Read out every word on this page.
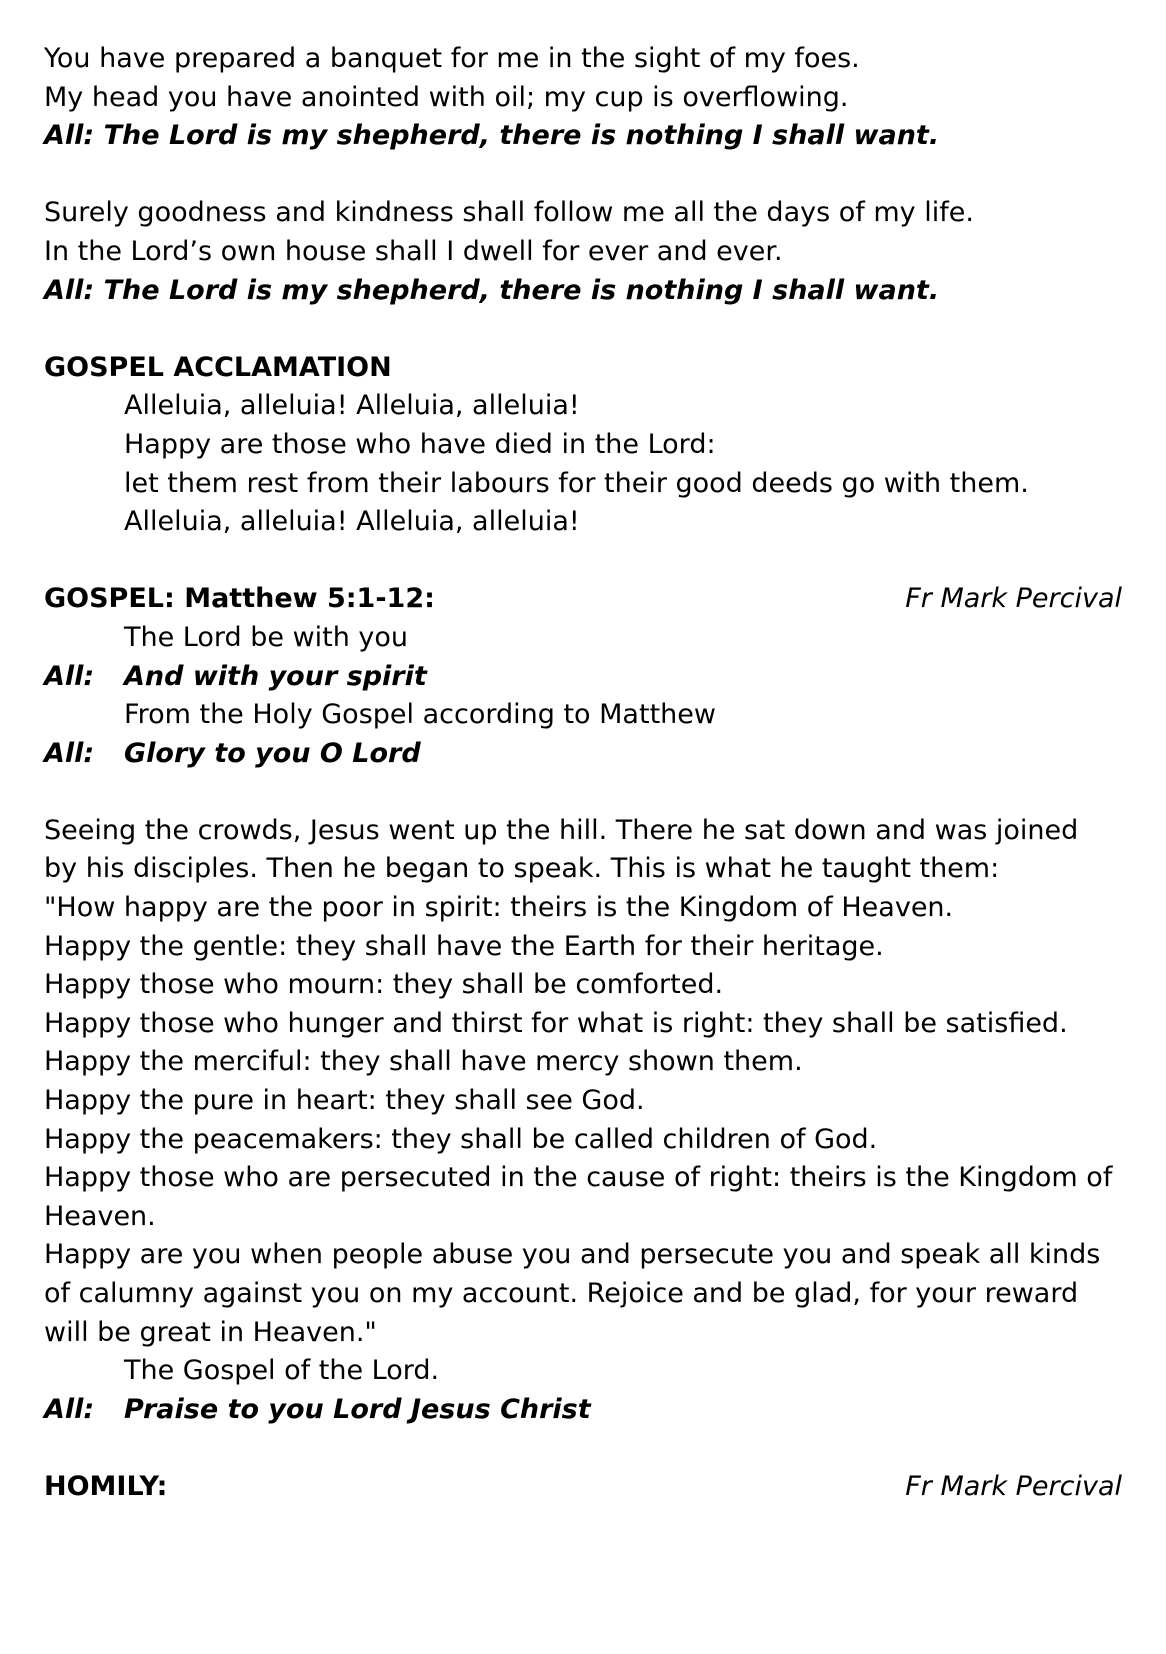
You have prepared a banquet for me in the sight of my foes.
My head you have anointed with oil; my cup is overflowing.
All: The Lord is my shepherd, there is nothing I shall want.
Surely goodness and kindness shall follow me all the days of my life.
In the Lord’s own house shall I dwell for ever and ever.
All: The Lord is my shepherd, there is nothing I shall want.
GOSPEL ACCLAMATION
Alleluia, alleluia! Alleluia, alleluia!
Happy are those who have died in the Lord:
let them rest from their labours for their good deeds go with them.
Alleluia, alleluia! Alleluia, alleluia!
GOSPEL: Matthew 5:1-12:	Fr Mark Percival
The Lord be with you
All:	And with your spirit
From the Holy Gospel according to Matthew
All:	Glory to you O Lord
Seeing the crowds, Jesus went up the hill. There he sat down and was joined
by his disciples. Then he began to speak. This is what he taught them:
"How happy are the poor in spirit: theirs is the Kingdom of Heaven.
Happy the gentle: they shall have the Earth for their heritage.
Happy those who mourn: they shall be comforted.
Happy those who hunger and thirst for what is right: they shall be satisfied.
Happy the merciful: they shall have mercy shown them.
Happy the pure in heart: they shall see God.
Happy the peacemakers: they shall be called children of God.
Happy those who are persecuted in the cause of right: theirs is the Kingdom of
Heaven.
Happy are you when people abuse you and persecute you and speak all kinds
of calumny against you on my account. Rejoice and be glad, for your reward
will be great in Heaven."
The Gospel of the Lord.
All:	Praise to you Lord Jesus Christ
HOMILY:	Fr Mark Percival
